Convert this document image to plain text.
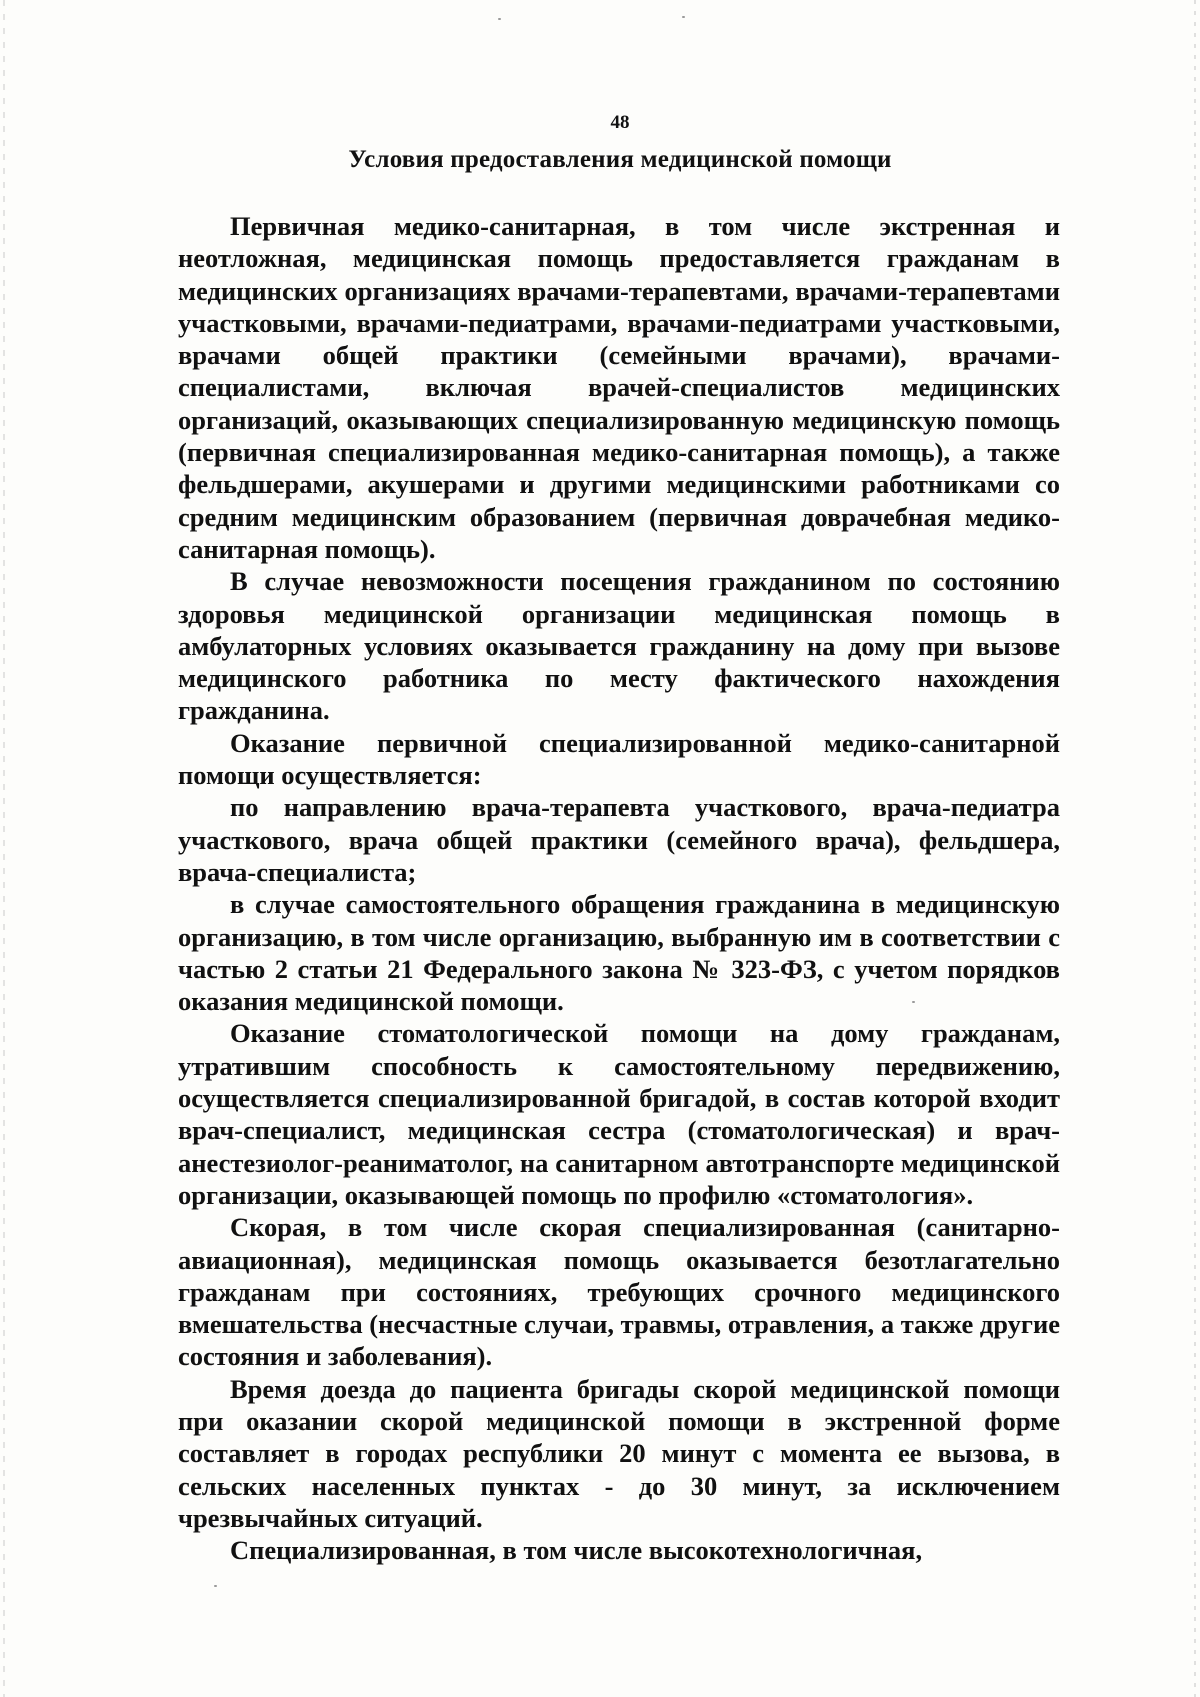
48
Условия предоставления медицинской помощи

Первичная медико-санитарная, в том числе экстренная и неотложная, медицинская помощь предоставляется гражданам в медицинских организациях врачами-терапевтами, врачами-терапевтами участковыми, врачами-педиатрами, врачами-педиатрами участковыми, врачами общей практики (семейными врачами), врачами-специалистами, включая врачей-специалистов медицинских организаций, оказывающих специализированную медицинскую помощь (первичная специализированная медико-санитарная помощь), а также фельдшерами, акушерами и другими медицинскими работниками со средним медицинским образованием (первичная доврачебная медико-санитарная помощь).

В случае невозможности посещения гражданином по состоянию здоровья медицинской организации медицинская помощь в амбулаторных условиях оказывается гражданину на дому при вызове медицинского работника по месту фактического нахождения гражданина.

Оказание первичной специализированной медико-санитарной помощи осуществляется:

по направлению врача-терапевта участкового, врача-педиатра участкового, врача общей практики (семейного врача), фельдшера, врача-специалиста;

в случае самостоятельного обращения гражданина в медицинскую организацию, в том числе организацию, выбранную им в соответствии с частью 2 статьи 21 Федерального закона № 323-ФЗ, с учетом порядков оказания медицинской помощи.

Оказание стоматологической помощи на дому гражданам, утратившим способность к самостоятельному передвижению, осуществляется специализированной бригадой, в состав которой входит врач-специалист, медицинская сестра (стоматологическая) и врач-анестезиолог-реаниматолог, на санитарном автотранспорте медицинской организации, оказывающей помощь по профилю «стоматология».

Скорая, в том числе скорая специализированная (санитарно-авиационная), медицинская помощь оказывается безотлагательно гражданам при состояниях, требующих срочного медицинского вмешательства (несчастные случаи, травмы, отравления, а также другие состояния и заболевания).

Время доезда до пациента бригады скорой медицинской помощи при оказании скорой медицинской помощи в экстренной форме составляет в городах республики 20 минут с момента ее вызова, в сельских населенных пунктах - до 30 минут, за исключением чрезвычайных ситуаций.

Специализированная, в том числе высокотехнологичная,
